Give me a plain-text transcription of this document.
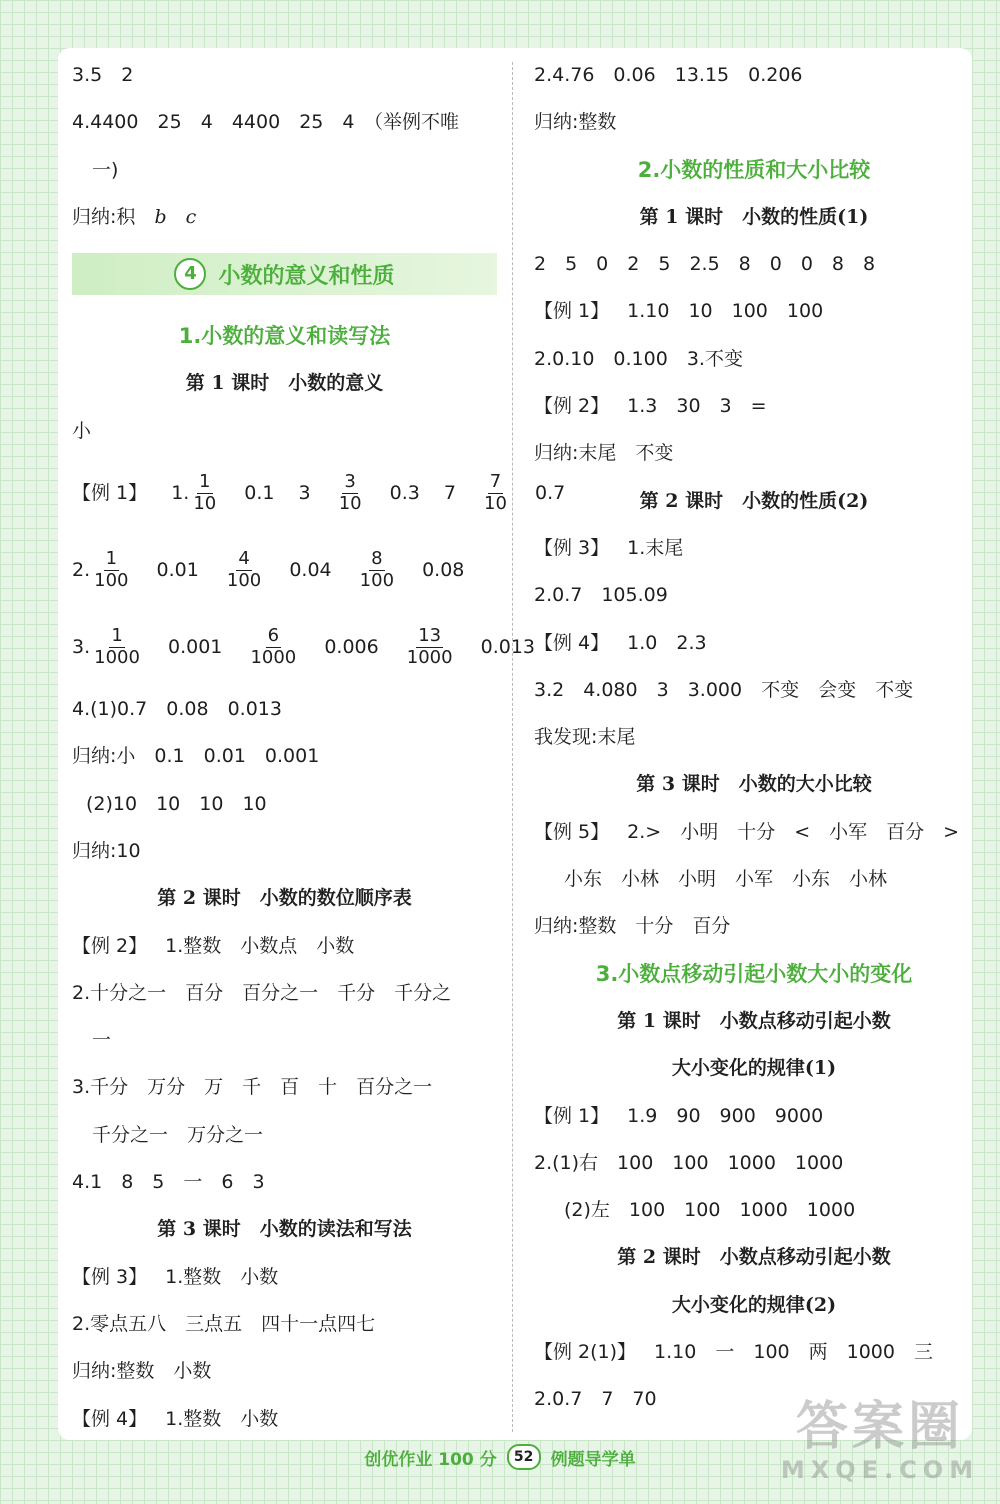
3.5　 2
4.4400　 25　 4　 4400　 25　 4　 （举例不唯
一)
归纳:积　 b　 c
4 小数的意义和性质
1.小数的意义和读写法
第 1 课时　小数的意义
小
【例 1】 1. $\frac{1}{10} 0.1$ $3 \frac{3}{10} 0.3$ $7 \frac{7}{10} 0.7$
2. $\frac{1}{100} 0.01 \frac{4}{100} 0.04 \frac{8}{100} 0.08$
3. $\frac{1}{1000} 0.001 \frac{6}{1000} 0.006 \frac{13}{1000} 0.013$
4.(1)0.7　0.08　0.013
归纳:小　0.1　0.01　0.001
(2)10　10　10　10
归纳:10
第 2 课时　小数的数位顺序表
【例 2】 1.整数　小数点　小数
2.十分之一　百分　百分之一　千分　千分之
一
3.千分　万分　万　千　百　十　百分之一
千分之一　万分之一
4.1　8　5　一　6　3
第 3 课时　小数的读法和写法
【例 3】 1.整数　小数
2.零点五八　三点五　四十一点四七
归纳:整数　小数
【例 4】 1.整数　小数
2.4.76　0.06　13.15　0.206
归纳:整数
2.小数的性质和大小比较
第 1 课时　小数的性质(1)
2　5　0　2　5　2.5　8　0　0　8　8
【例 1】 1.10　10　100　100
2.0.10　0.100　3.不变
【例 2】 1.3　30　3　=
归纳:末尾　不变
第 2 课时　小数的性质(2)
【例 3】 1.末尾
2.0.7　105.09
【例 4】 1.0　2.3
3.2　4.080　3　3.000　不变　会变　不变
我发现:末尾
第 3 课时　小数的大小比较
【例 5】 2.>　小明　十分　<　小军　百分　>
小东　小林　小明　小军　小东　小林
归纳:整数　十分　百分
3.小数点移动引起小数大小的变化
第 1 课时　小数点移动引起小数
大小变化的规律(1)
【例 1】 1.9　90　900　9000
2.(1)右　100　100　1000　1000
(2)左　100　100　1000　1000
第 2 课时　小数点移动引起小数
大小变化的规律(2)
【例 2(1)】 1.10　一　100　两　1000　三
2.0.7　7　70
创优作业 100 分	52	例题导学单
答案圈
MXQE.COM
